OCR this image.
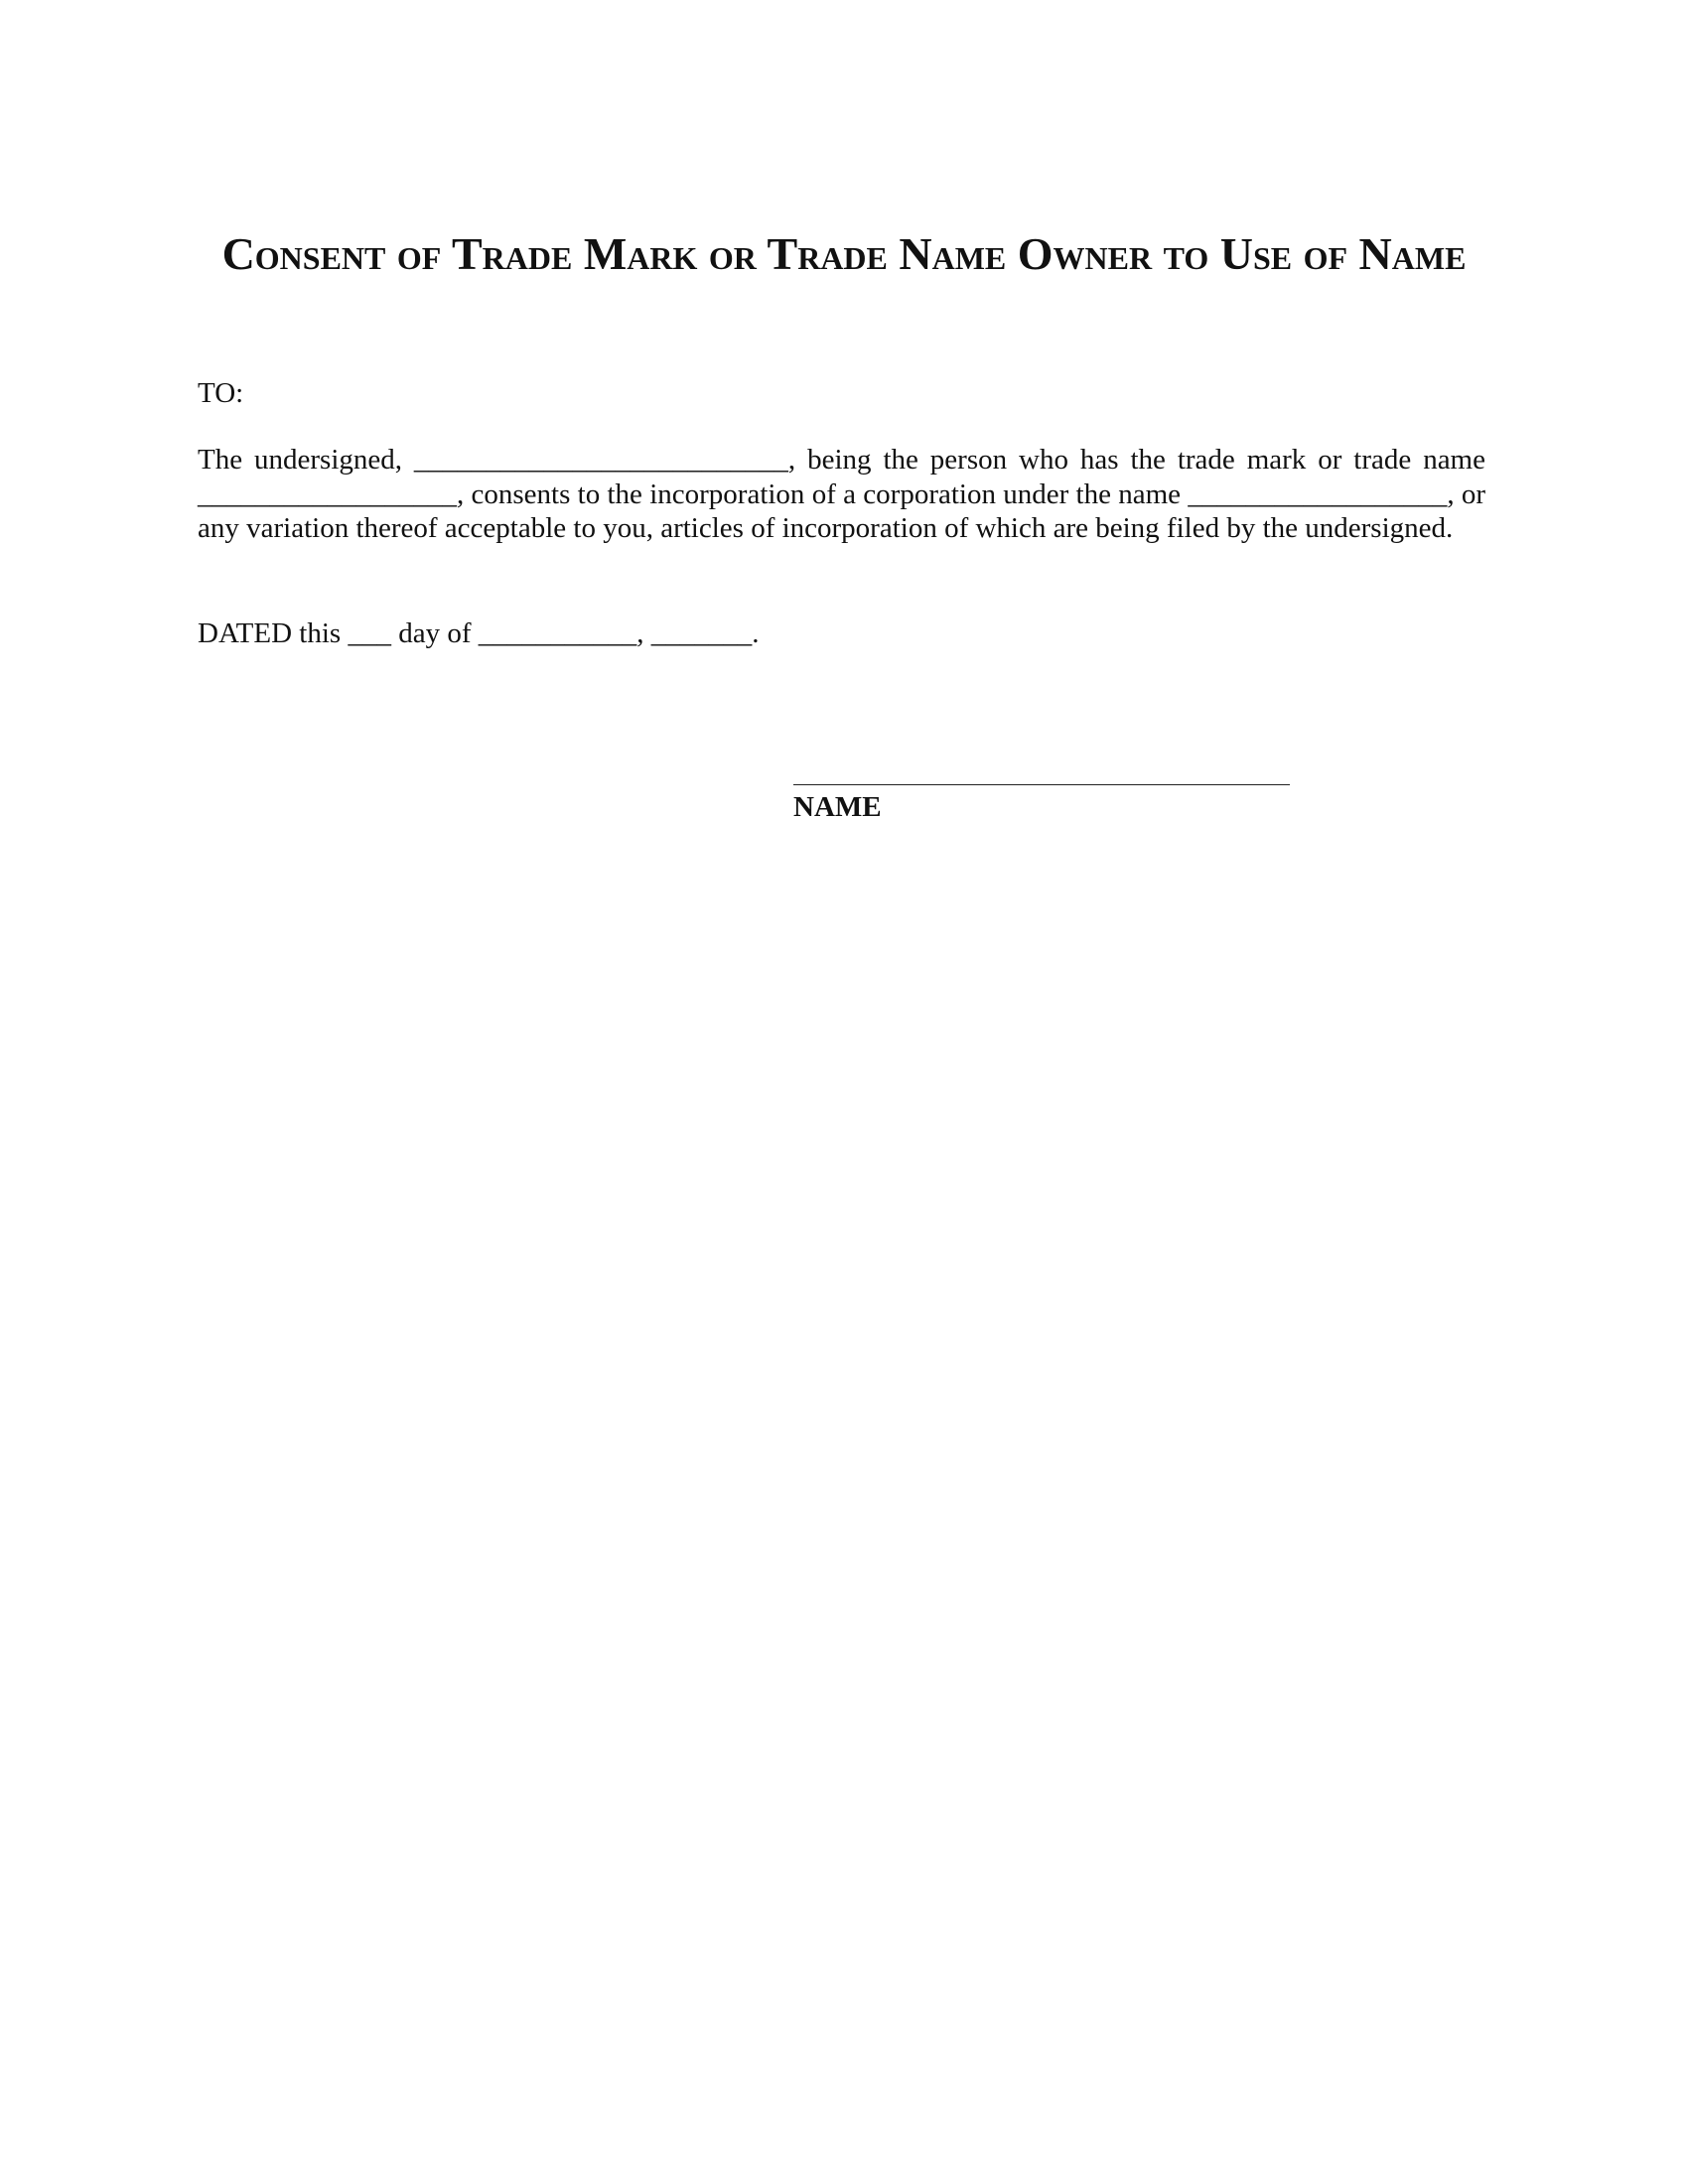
Consent of Trade Mark or Trade Name Owner to Use of Name
TO:
The undersigned, __________________________, being the person who has the trade mark or trade name __________________, consents to the incorporation of a corporation under the name __________________, or any variation thereof acceptable to you, articles of incorporation of which are being filed by the undersigned.
DATED this ___ day of ___________, _______.
NAME
